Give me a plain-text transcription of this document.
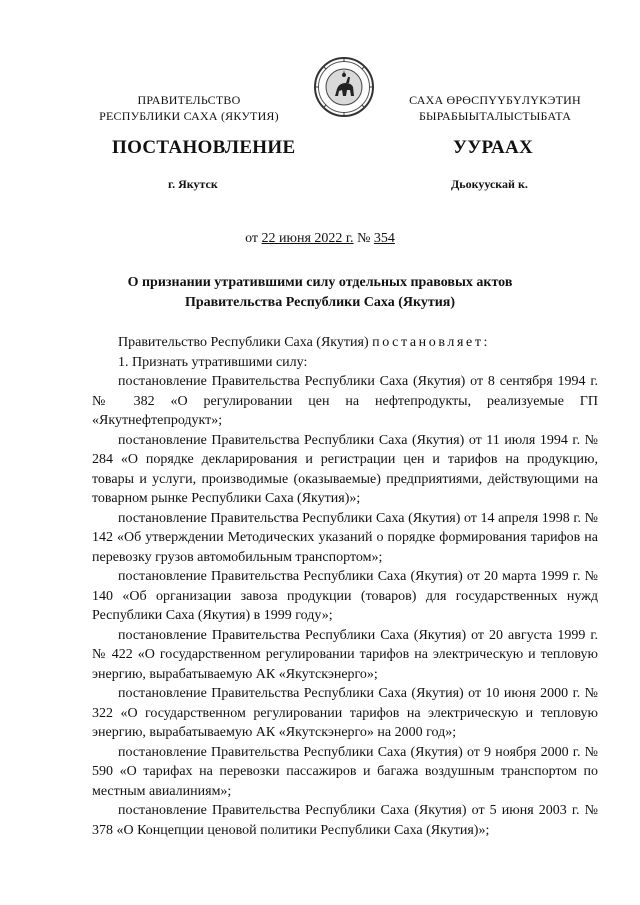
ПРАВИТЕЛЬСТВО
РЕСПУБЛИКИ САХА (ЯКУТИЯ)
САХА ӨРӨСПҮҮБҮЛҮКЭТИН
БЫРАБЫЫТАЛЫСТЫБАТА
ПОСТАНОВЛЕНИЕ	УУРААХ
г. Якутск	Дьокуускай к.
от 22 июня 2022 г. № 354
О признании утратившими силу отдельных правовых актов
Правительства Республики Саха (Якутия)

Правительство Республики Саха (Якутия) постановляет:

1. Признать утратившими силу:

постановление Правительства Республики Саха (Якутия) от 8 сентября 1994 г. № 382 «О регулировании цен на нефтепродукты, реализуемые ГП «Якутнефтепродукт»;

постановление Правительства Республики Саха (Якутия) от 11 июля 1994 г. № 284 «О порядке декларирования и регистрации цен и тарифов на продукцию, товары и услуги, производимые (оказываемые) предприятиями, действующими на товарном рынке Республики Саха (Якутия)»;

постановление Правительства Республики Саха (Якутия) от 14 апреля 1998 г. № 142 «Об утверждении Методических указаний о порядке формирования тарифов на перевозку грузов автомобильным транспортом»;

постановление Правительства Республики Саха (Якутия) от 20 марта 1999 г. № 140 «Об организации завоза продукции (товаров) для государственных нужд Республики Саха (Якутия) в 1999 году»;

постановление Правительства Республики Саха (Якутия) от 20 августа 1999 г. № 422 «О государственном регулировании тарифов на электрическую и тепловую энергию, вырабатываемую АК «Якутскэнерго»;

постановление Правительства Республики Саха (Якутия) от 10 июня 2000 г. № 322 «О государственном регулировании тарифов на электрическую и тепловую энергию, вырабатываемую АК «Якутскэнерго» на 2000 год»;

постановление Правительства Республики Саха (Якутия) от 9 ноября 2000 г. № 590 «О тарифах на перевозки пассажиров и багажа воздушным транспортом по местным авиалиниям»;

постановление Правительства Республики Саха (Якутия) от 5 июня 2003 г. № 378 «О Концепции ценовой политики Республики Саха (Якутия)»;
